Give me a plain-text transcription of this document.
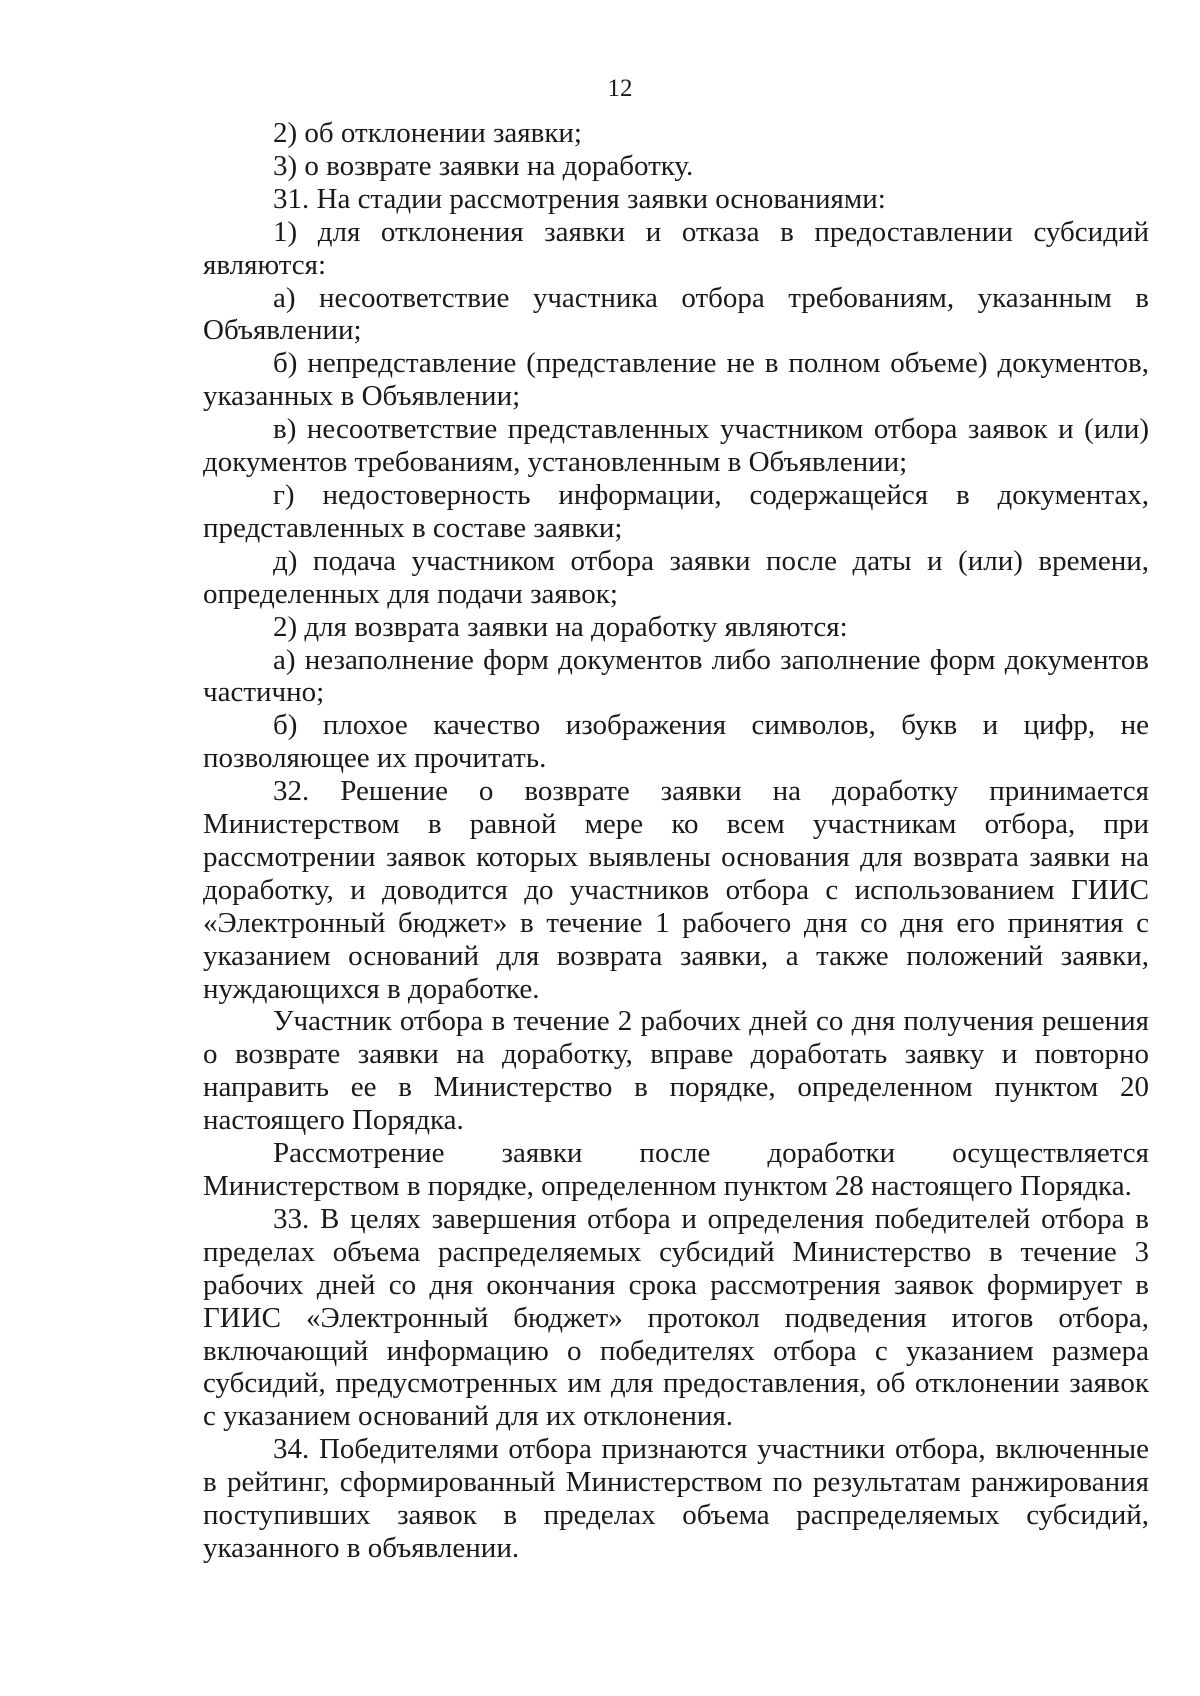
12

2) об отклонении заявки;

3) о возврате заявки на доработку.

31. На стадии рассмотрения заявки основаниями:

1) для отклонения заявки и отказа в предоставлении субсидий являются:

а) несоответствие участника отбора требованиям, указанным в Объявлении;

б) непредставление (представление не в полном объеме) документов, указанных в Объявлении;

в) несоответствие представленных участником отбора заявок и (или) документов требованиям, установленным в Объявлении;

г) недостоверность информации, содержащейся в документах, представленных в составе заявки;

д) подача участником отбора заявки после даты и (или) времени, определенных для подачи заявок;

2) для возврата заявки на доработку являются:

а) незаполнение форм документов либо заполнение форм документов частично;

б) плохое качество изображения символов, букв и цифр, не позволяющее их прочитать.

32. Решение о возврате заявки на доработку принимается Министерством в равной мере ко всем участникам отбора, при рассмотрении заявок которых выявлены основания для возврата заявки на доработку, и доводится до участников отбора с использованием ГИИС «Электронный бюджет» в течение 1 рабочего дня со дня его принятия с указанием оснований для возврата заявки, а также положений заявки, нуждающихся в доработке.

Участник отбора в течение 2 рабочих дней со дня получения решения о возврате заявки на доработку, вправе доработать заявку и повторно направить ее в Министерство в порядке, определенном пунктом 20 настоящего Порядка.

Рассмотрение заявки после доработки осуществляется Министерством в порядке, определенном пунктом 28 настоящего Порядка.

33. В целях завершения отбора и определения победителей отбора в пределах объема распределяемых субсидий Министерство в течение 3 рабочих дней со дня окончания срока рассмотрения заявок формирует в ГИИС «Электронный бюджет» протокол подведения итогов отбора, включающий информацию о победителях отбора с указанием размера субсидий, предусмотренных им для предоставления, об отклонении заявок с указанием оснований для их отклонения.

34. Победителями отбора признаются участники отбора, включенные в рейтинг, сформированный Министерством по результатам ранжирования поступивших заявок в пределах объема распределяемых субсидий, указанного в объявлении.
